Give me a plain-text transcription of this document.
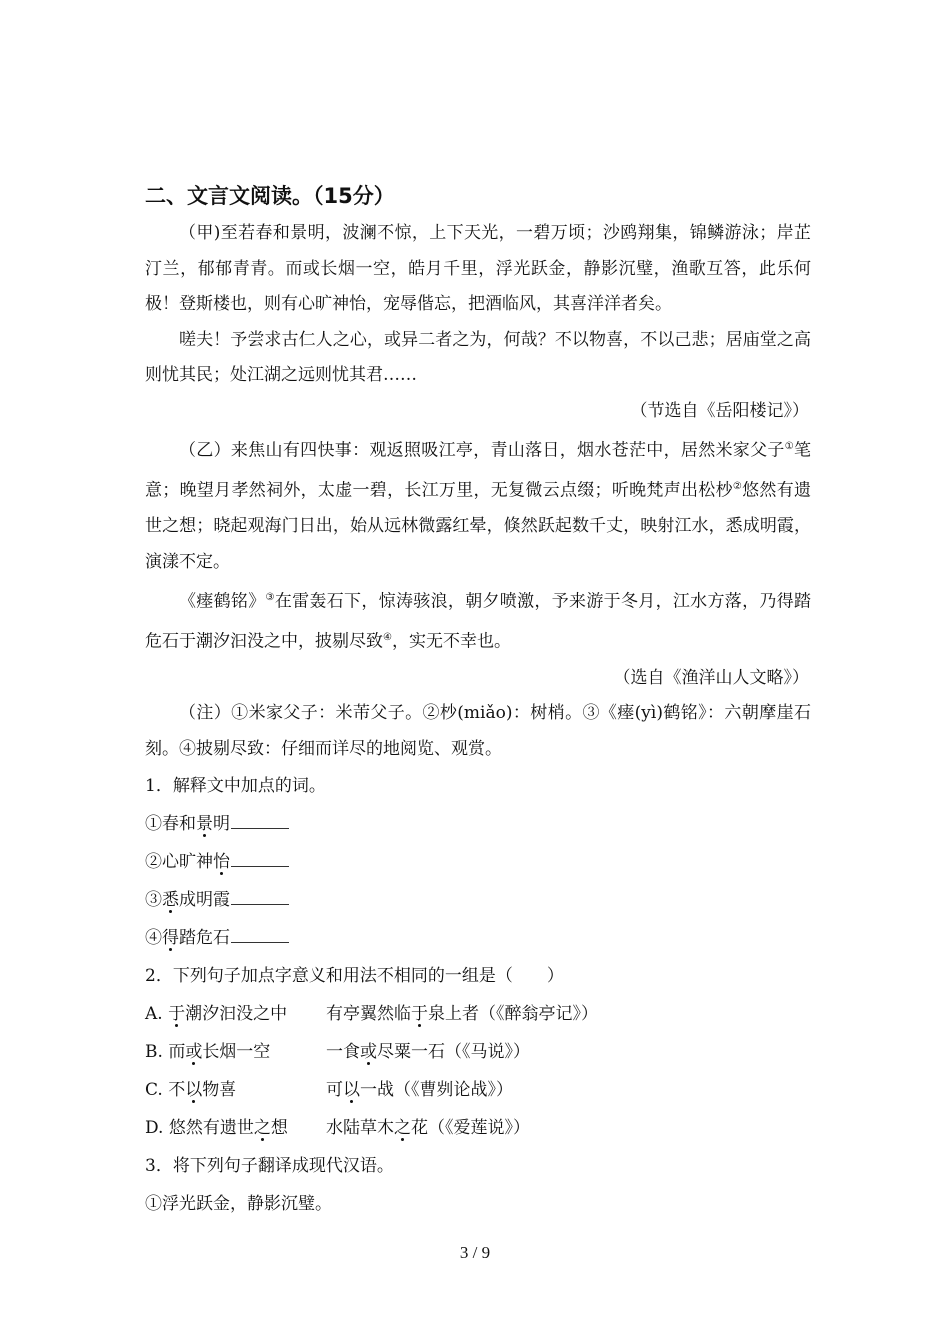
二、文言文阅读。（15分）

（甲)至若春和景明，波澜不惊，上下天光，一碧万顷；沙鸥翔集，锦鳞游泳；岸芷汀兰，郁郁青青。而或长烟一空，皓月千里，浮光跃金，静影沉璧，渔歌互答，此乐何极！登斯楼也，则有心旷神怡，宠辱偕忘，把酒临风，其喜洋洋者矣。

嗟夫！予尝求古仁人之心，或异二者之为，何哉？不以物喜，不以己悲；居庙堂之高则忧其民；处江湖之远则忧其君……

（节选自《岳阳楼记》）

（乙）来焦山有四快事：观返照吸江亭，青山落日，烟水苍茫中，居然米家父子①笔意；晚望月孝然祠外，太虚一碧，长江万里，无复微云点缀；听晚梵声出松杪②悠然有遗世之想；晓起观海门日出，始从远林微露红晕，倏然跃起数千丈，映射江水，悉成明霞，演漾不定。

《瘗鹤铭》③在雷轰石下，惊涛骇浪，朝夕喷激，予来游于冬月，江水方落，乃得踏危石于潮汐汩没之中，披剔尽致④，实无不幸也。

（选自《渔洋山人文略》）

（注）①米家父子：米芾父子。②杪(miǎo)：树梢。③《瘗(yì)鹤铭》：六朝摩崖石刻。④披剔尽致：仔细而详尽的地阅览、观赏。

1．解释文中加点的词。
①春和景明
②心旷神怡
③悉成明霞
④得踏危石
2．下列句子加点字意义和用法不相同的一组是（　　）
A. 于潮汐汩没之中 有亭翼然临于泉上者（《醉翁亭记》）
B. 而或长烟一空	一食或尽粟一石（《马说》）
C. 不以物喜	可以一战（《曹刿论战》）
D. 悠然有遗世之想 水陆草木之花（《爱莲说》）
3．将下列句子翻译成现代汉语。
①浮光跃金，静影沉璧。
3 / 9
